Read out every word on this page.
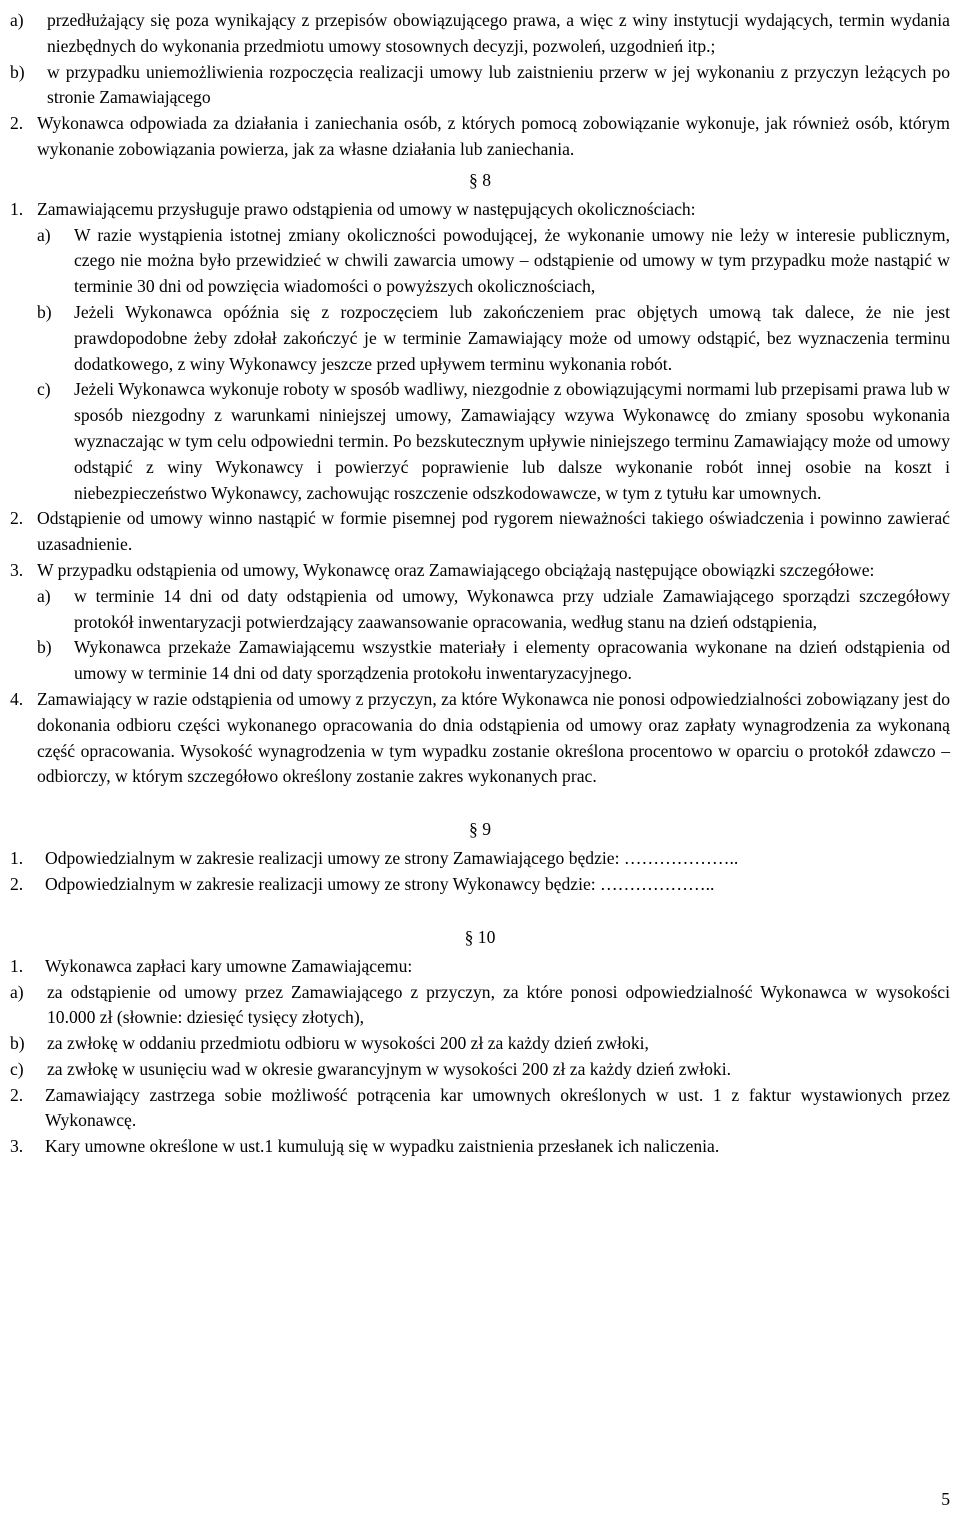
a)	przedłużający się poza wynikający z przepisów obowiązującego prawa, a więc z winy instytucji wydających, termin wydania niezbędnych do wykonania przedmiotu umowy stosownych decyzji, pozwoleń, uzgodnień itp.;
b)	w przypadku uniemożliwienia rozpoczęcia realizacji umowy lub zaistnieniu przerw w jej wykonaniu z przyczyn leżących po stronie Zamawiającego
2. Wykonawca odpowiada za działania i zaniechania osób, z których pomocą zobowiązanie wykonuje, jak również osób, którym wykonanie zobowiązania powierza, jak za własne działania lub zaniechania.
§ 8
1. Zamawiającemu przysługuje prawo odstąpienia od umowy w następujących okolicznościach:
a)	W razie wystąpienia istotnej zmiany okoliczności powodującej, że wykonanie umowy nie leży w interesie publicznym, czego nie można było przewidzieć w chwili zawarcia umowy – odstąpienie od umowy w tym przypadku może nastąpić w terminie 30 dni od powzięcia wiadomości o powyższych okolicznościach,
b)	Jeżeli Wykonawca opóźnia się z rozpoczęciem lub zakończeniem prac objętych umową tak dalece, że nie jest prawdopodobne żeby zdołał zakończyć je w terminie Zamawiający może od umowy odstąpić, bez wyznaczenia terminu dodatkowego, z winy Wykonawcy jeszcze przed upływem terminu wykonania robót.
c)	Jeżeli Wykonawca wykonuje roboty w sposób wadliwy, niezgodnie z obowiązującymi normami lub przepisami prawa lub w sposób niezgodny z warunkami niniejszej umowy, Zamawiający wzywa Wykonawcę do zmiany sposobu wykonania wyznaczając w tym celu odpowiedni termin. Po bezskutecznym upływie niniejszego terminu Zamawiający może od umowy odstąpić z winy Wykonawcy i powierzyć poprawienie lub dalsze wykonanie robót innej osobie na koszt i niebezpieczeństwo Wykonawcy, zachowując roszczenie odszkodowawcze, w tym z tytułu kar umownych.
2. Odstąpienie od umowy winno nastąpić w formie pisemnej pod rygorem nieważności takiego oświadczenia i powinno zawierać uzasadnienie.
3. W przypadku odstąpienia od umowy, Wykonawcę oraz Zamawiającego obciążają następujące obowiązki szczegółowe:
a)	w terminie 14 dni od daty odstąpienia od umowy, Wykonawca przy udziale Zamawiającego sporządzi szczegółowy protokół inwentaryzacji potwierdzający zaawansowanie opracowania, według stanu na dzień odstąpienia,
b)	Wykonawca przekaże Zamawiającemu wszystkie materiały i elementy opracowania wykonane na dzień odstąpienia od umowy w terminie 14 dni od daty sporządzenia protokołu inwentaryzacyjnego.
4. Zamawiający w razie odstąpienia od umowy z przyczyn, za które Wykonawca nie ponosi odpowiedzialności zobowiązany jest do dokonania odbioru części wykonanego opracowania do dnia odstąpienia od umowy oraz zapłaty wynagrodzenia za wykonaną część opracowania. Wysokość wynagrodzenia w tym wypadku zostanie określona procentowo w oparciu o protokół zdawczo – odbiorczy, w którym szczegółowo określony zostanie zakres wykonanych prac.
§ 9
1.	Odpowiedzialnym w zakresie realizacji umowy ze strony Zamawiającego będzie: ………………..
2.	Odpowiedzialnym w zakresie realizacji umowy ze strony Wykonawcy będzie: ………………..
§ 10
1.	Wykonawca zapłaci kary umowne Zamawiającemu:
a)	za odstąpienie od umowy przez Zamawiającego z przyczyn, za które ponosi odpowiedzialność Wykonawca w wysokości 10.000 zł (słownie: dziesięć tysięcy złotych),
b)	za zwłokę w oddaniu przedmiotu odbioru w wysokości 200 zł za każdy dzień zwłoki,
c)	za zwłokę w usunięciu wad w okresie gwarancyjnym w wysokości 200 zł za każdy dzień zwłoki.
2.	Zamawiający zastrzega sobie możliwość potrącenia kar umownych określonych w ust. 1 z faktur wystawionych przez Wykonawcę.
3.	Kary umowne określone w ust.1 kumulują się w wypadku zaistnienia przesłanek ich naliczenia.
5
